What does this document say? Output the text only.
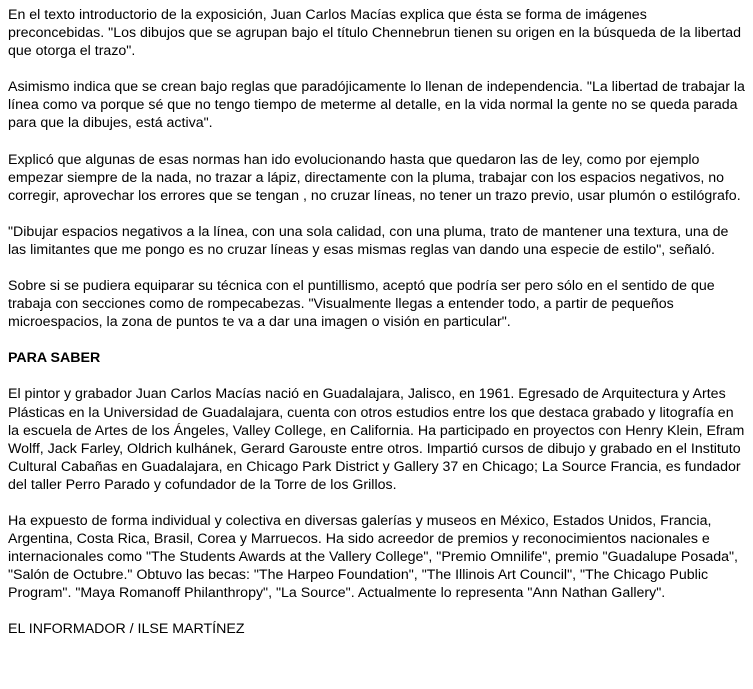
En el texto introductorio de la exposición, Juan Carlos Macías explica que ésta se forma de imágenes preconcebidas. "Los dibujos que se agrupan bajo el título Chennebrun tienen su origen en la búsqueda de la libertad que otorga el trazo".

Asimismo indica que se crean bajo reglas que paradójicamente lo llenan de independencia. "La libertad de trabajar la línea como va porque sé que no tengo tiempo de meterme al detalle, en la vida normal la gente no se queda parada para que la dibujes, está activa".

Explicó que algunas de esas normas han ido evolucionando hasta que quedaron las de ley, como por ejemplo empezar siempre de la nada, no trazar a lápiz, directamente con la pluma, trabajar con los espacios negativos, no corregir, aprovechar los errores que se tengan , no cruzar líneas, no tener un trazo previo, usar plumón o estilógrafo.

"Dibujar espacios negativos a la línea, con una sola calidad, con una pluma, trato de mantener una textura, una de las limitantes que me pongo es no cruzar líneas y esas mismas reglas van dando una especie de estilo", señaló.

Sobre si se pudiera equiparar su técnica con el puntillismo, aceptó que podría ser pero sólo en el sentido de que trabaja con secciones como de rompecabezas. "Visualmente llegas a entender todo, a partir de pequeños microespacios, la zona de puntos te va a dar una imagen o visión en particular".

PARA SABER

El pintor y grabador Juan Carlos Macías nació en Guadalajara, Jalisco, en 1961. Egresado de Arquitectura y Artes Plásticas en la Universidad de Guadalajara, cuenta con otros estudios entre los que destaca grabado y litografía en la escuela de Artes de los Ángeles, Valley College, en California. Ha participado en proyectos con Henry Klein, Efram Wolff, Jack Farley, Oldrich kulhánek, Gerard Garouste entre otros. Impartió cursos de dibujo y grabado en el Instituto Cultural Cabañas en Guadalajara, en Chicago Park District y Gallery 37 en Chicago; La Source Francia, es fundador del taller Perro Parado y cofundador de la Torre de los Grillos.

Ha expuesto de forma individual y colectiva en diversas galerías y museos en México, Estados Unidos, Francia, Argentina, Costa Rica, Brasil, Corea y Marruecos. Ha sido acreedor de premios y reconocimientos nacionales e internacionales como "The Students Awards at the Vallery College", "Premio Omnilife", premio "Guadalupe Posada", "Salón de Octubre." Obtuvo las becas: "The Harpeo Foundation", "The Illinois Art Council", "The Chicago Public Program". "Maya Romanoff Philanthropy", "La Source". Actualmente lo representa "Ann Nathan Gallery".

EL INFORMADOR / ILSE MARTÍNEZ
